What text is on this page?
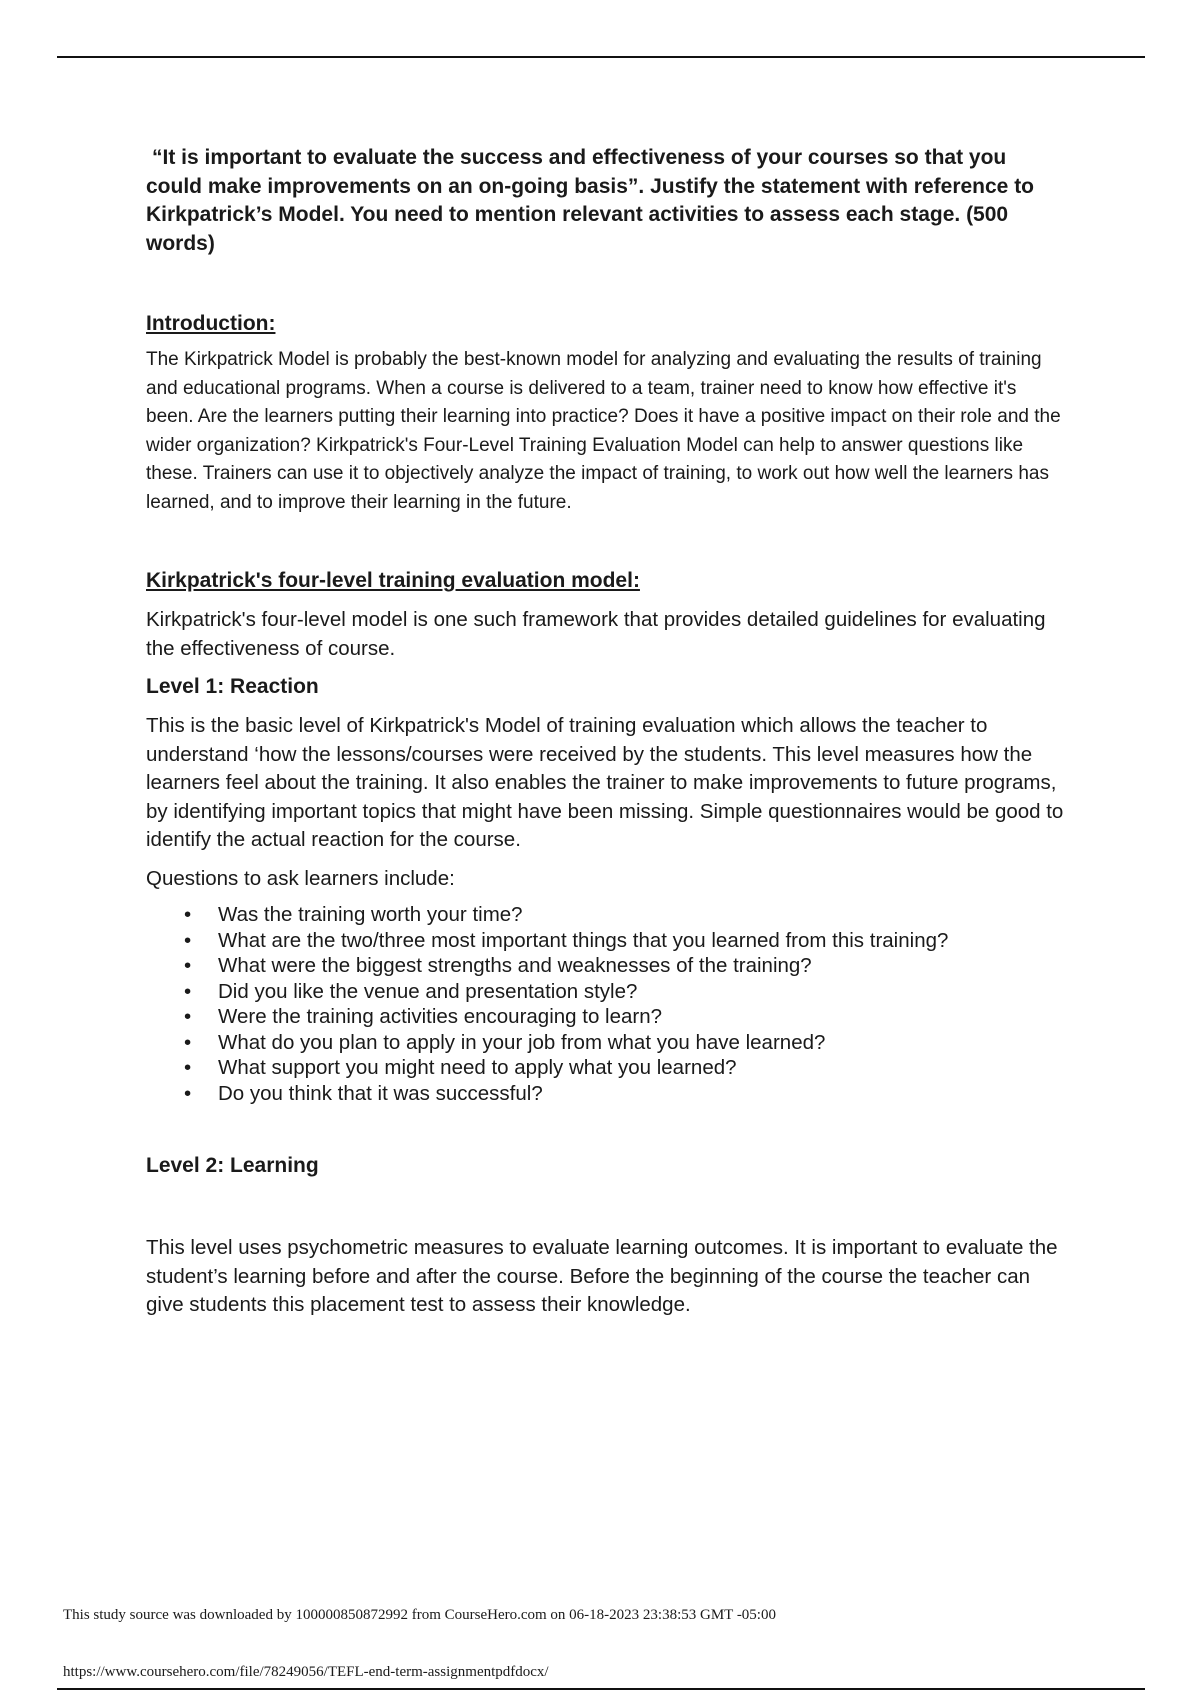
“It is important to evaluate the success and effectiveness of your courses so that you could make improvements on an on-going basis”. Justify the statement with reference to Kirkpatrick’s Model. You need to mention relevant activities to assess each stage. (500 words)

Introduction:

The Kirkpatrick Model is probably the best-known model for analyzing and evaluating the results of training and educational programs. When a course is delivered to a team, trainer need to know how effective it's been. Are the learners putting their learning into practice? Does it have a positive impact on their role and the wider organization? Kirkpatrick's Four-Level Training Evaluation Model can help to answer questions like these. Trainers can use it to objectively analyze the impact of training, to work out how well the learners has learned, and to improve their learning in the future.

Kirkpatrick's four-level training evaluation model:

Kirkpatrick's four-level model is one such framework that provides detailed guidelines for evaluating the effectiveness of course.

Level 1: Reaction

This is the basic level of Kirkpatrick's Model of training evaluation which allows the teacher to understand ‘how the lessons/courses were received by the students. This level measures how the learners feel about the training. It also enables the trainer to make improvements to future programs, by identifying important topics that might have been missing. Simple questionnaires would be good to identify the actual reaction for the course.

Questions to ask learners include:

• Was the training worth your time?
• What are the two/three most important things that you learned from this training?
• What were the biggest strengths and weaknesses of the training?
• Did you like the venue and presentation style?
• Were the training activities encouraging to learn?
• What do you plan to apply in your job from what you have learned?
• What support you might need to apply what you learned?
• Do you think that it was successful?

Level 2: Learning

This level uses psychometric measures to evaluate learning outcomes. It is important to evaluate the student’s learning before and after the course. Before the beginning of the course the teacher can give students this placement test to assess their knowledge.

This study source was downloaded by 100000850872992 from CourseHero.com on 06-18-2023 23:38:53 GMT -05:00
https://www.coursehero.com/file/78249056/TEFL-end-term-assignmentpdfdocx/
